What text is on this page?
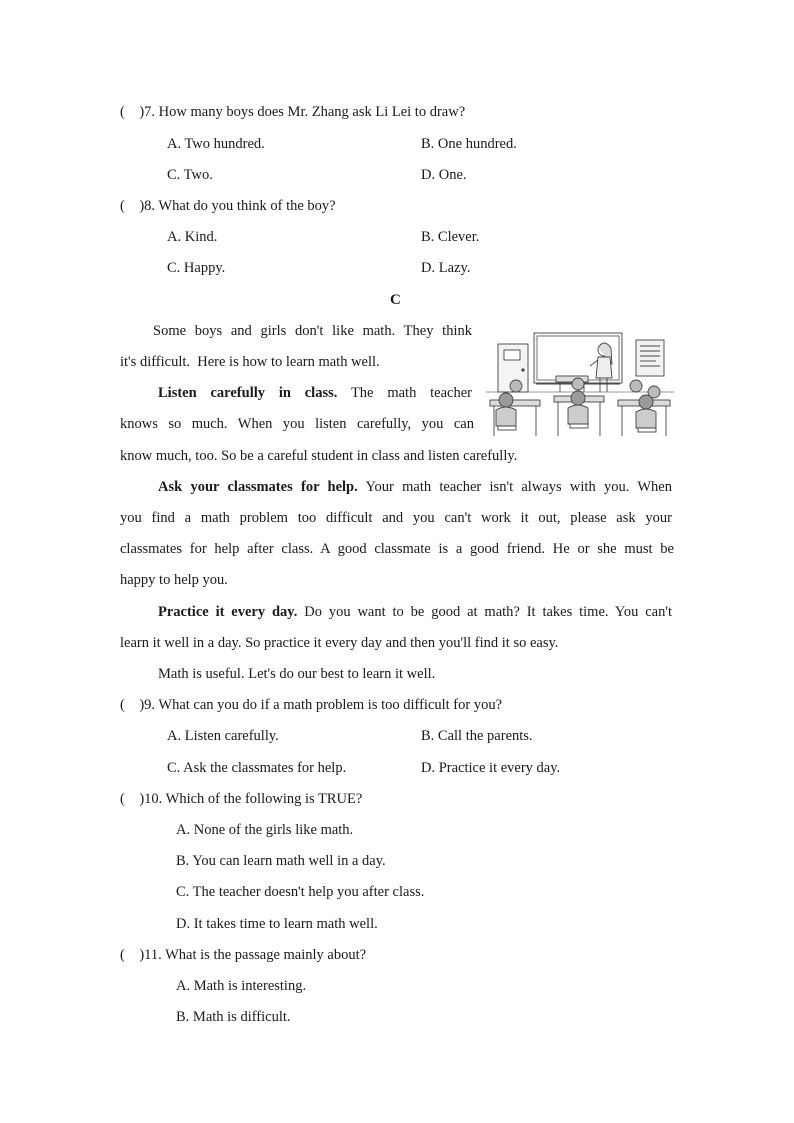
(    )7. How many boys does Mr. Zhang ask Li Lei to draw?
A. Two hundred.	B. One hundred.
C. Two.	D. One.
(    )8. What do you think of the boy?
A. Kind.	B. Clever.
C. Happy.	D. Lazy.
C
Some boys and girls don't like math. They think
it's difficult.  Here is how to learn math well.
Listen carefully in class. The math teacher
knows so much. When you listen carefully, you can
know much, too. So be a careful student in class and listen carefully.
Ask your classmates for help. Your math teacher isn't always with you. When
you find a math problem too difficult and you can't work it out, please ask your
classmates for help after class. A good classmate is a good friend. He or she must be
happy to help you.
Practice it every day. Do you want to be good at math? It takes time. You can't
learn it well in a day. So practice it every day and then you'll find it so easy.
Math is useful. Let's do our best to learn it well.
(    )9. What can you do if a math problem is too difficult for you?
A. Listen carefully.	B. Call the parents.
C. Ask the classmates for help.	D. Practice it every day.
(    )10. Which of the following is TRUE?
A. None of the girls like math.
B. You can learn math well in a day.
C. The teacher doesn't help you after class.
D. It takes time to learn math well.
(    )11. What is the passage mainly about?
A. Math is interesting.
B. Math is difficult.
